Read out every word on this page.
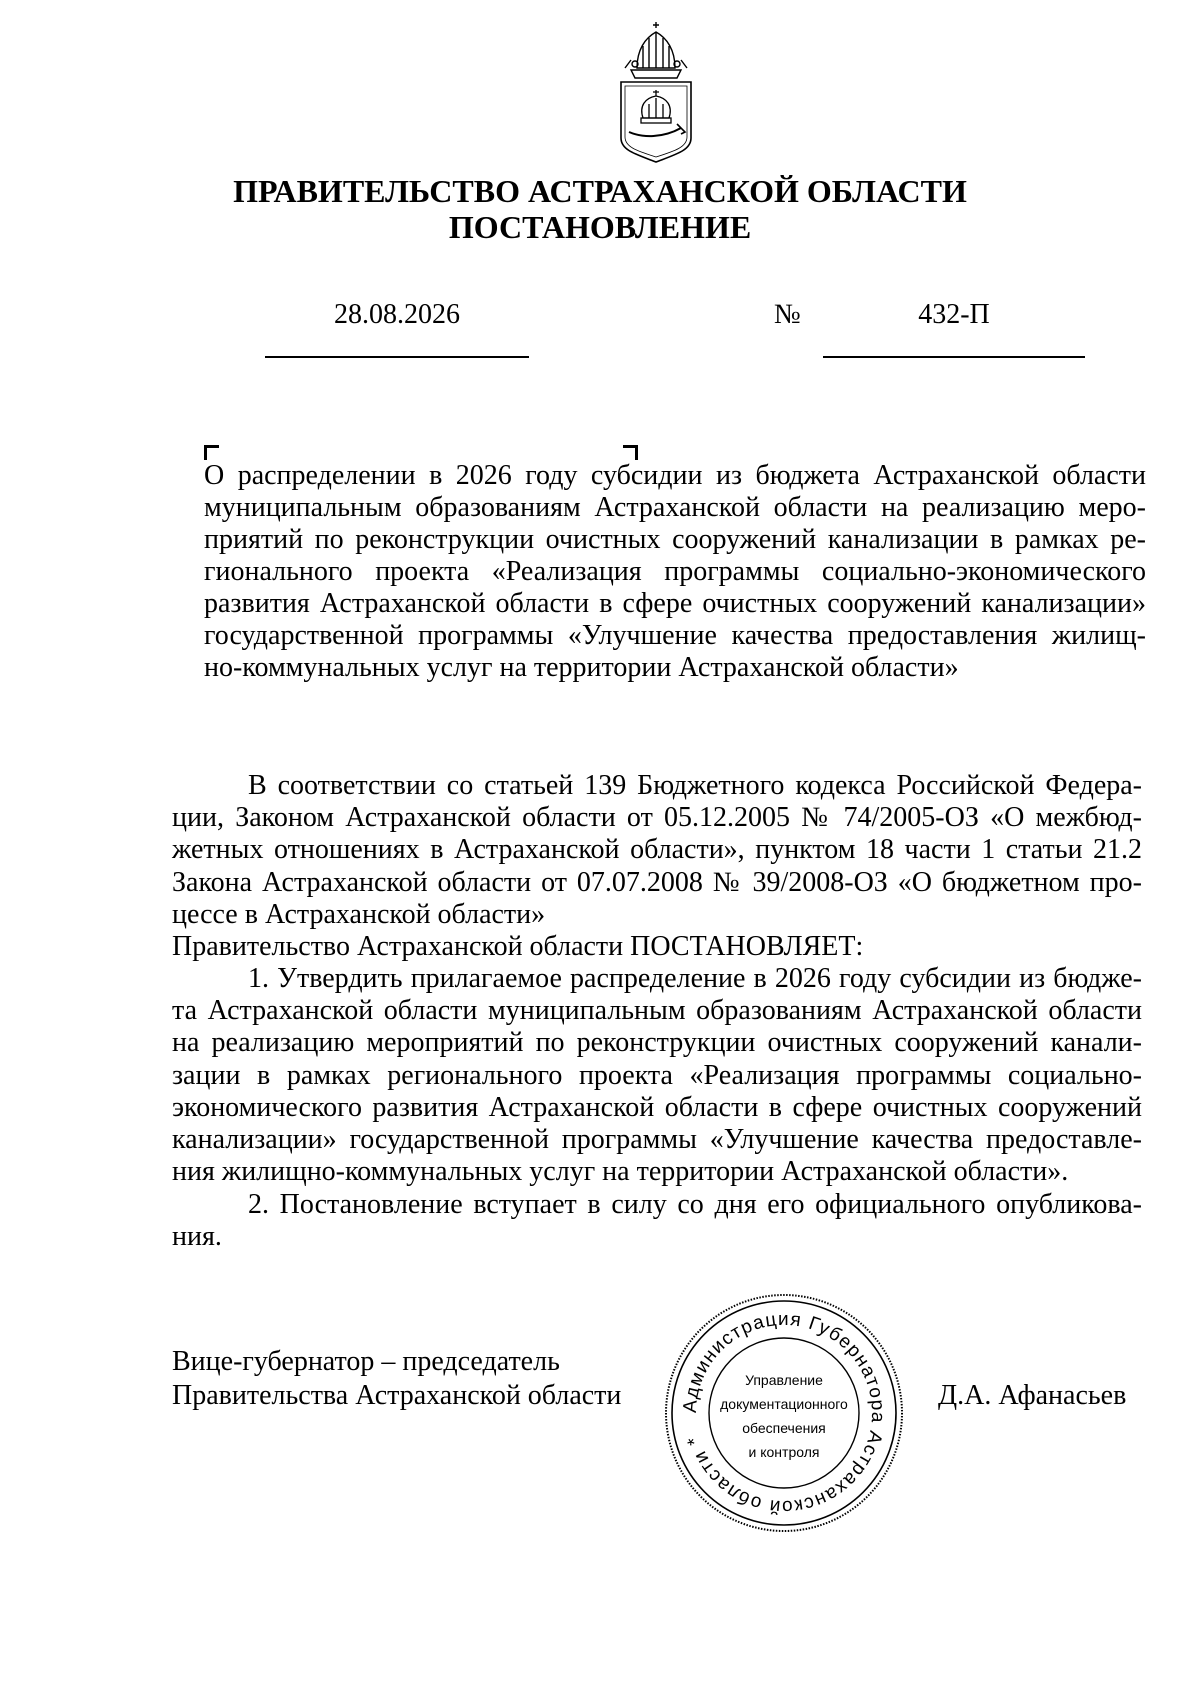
ПРАВИТЕЛЬСТВО АСТРАХАНСКОЙ ОБЛАСТИ
ПОСТАНОВЛЕНИЕ
28.08.2026	№	432-П
О распределении в 2026 году субсидии из бюджета Астраханской области
муниципальным образованиям Астраханской области на реализацию меро-
приятий по реконструкции очистных сооружений канализации в рамках ре-
гионального проекта «Реализация программы социально-экономического
развития Астраханской области в сфере очистных сооружений канализации»
государственной программы «Улучшение качества предоставления жилищ-
но-коммунальных услуг на территории Астраханской области»
В соответствии со статьей 139 Бюджетного кодекса Российской Федера-
ции, Законом Астраханской области от 05.12.2005 № 74/2005-ОЗ «О межбюд-
жетных отношениях в Астраханской области», пунктом 18 части 1 статьи 21.2
Закона Астраханской области от 07.07.2008 № 39/2008-ОЗ «О бюджетном про-
цессе в Астраханской области»
Правительство Астраханской области ПОСТАНОВЛЯЕТ:
1. Утвердить прилагаемое распределение в 2026 году субсидии из бюдже-
та Астраханской области муниципальным образованиям Астраханской области
на реализацию мероприятий по реконструкции очистных сооружений канали-
зации в рамках регионального проекта «Реализация программы социально-
экономического развития Астраханской области в сфере очистных сооружений
канализации» государственной программы «Улучшение качества предоставле-
ния жилищно-коммунальных услуг на территории Астраханской области».
2. Постановление вступает в силу со дня его официального опубликова-
ния.
Вице-губернатор – председатель
Правительства Астраханской области	Д.А. Афанасьев
Администрация Губернатора Астраханской области *
Управление
документационного
обеспечения
и контроля
